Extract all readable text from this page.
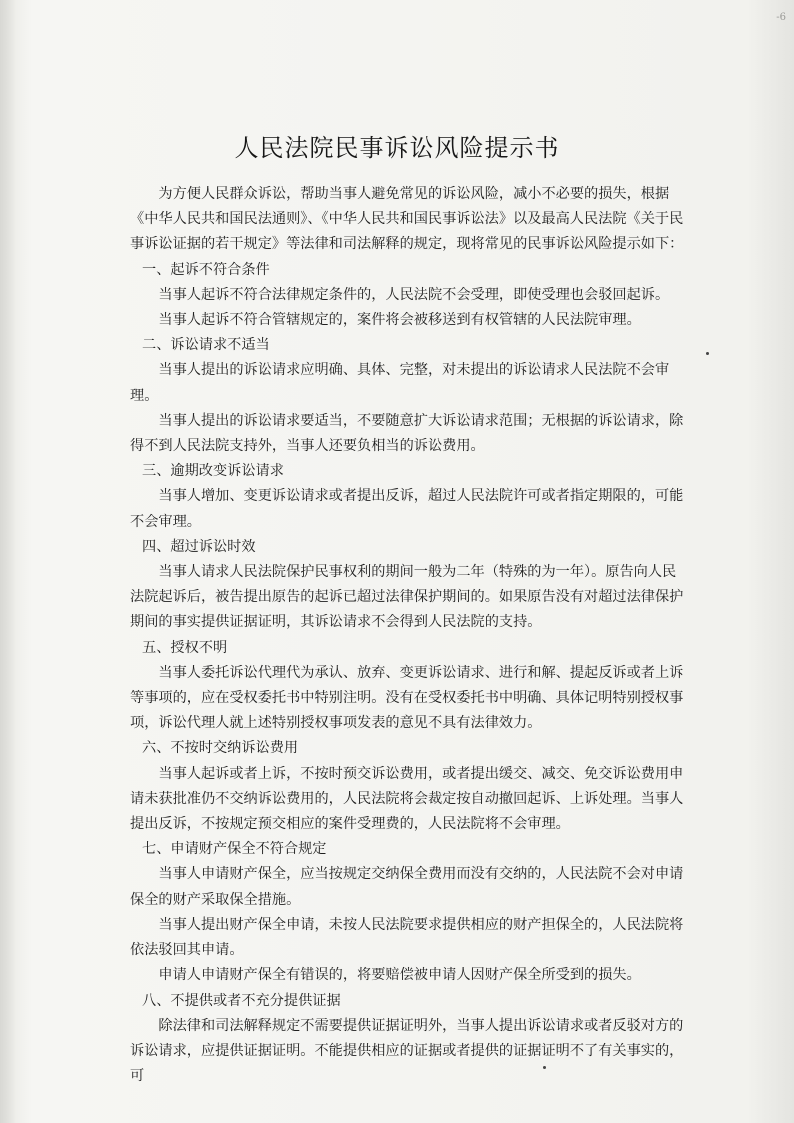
-6
人民法院民事诉讼风险提示书

为方便人民群众诉讼，帮助当事人避免常见的诉讼风险，减小不必要的损失，根据《中华人民共和国民法通则》、《中华人民共和国民事诉讼法》以及最高人民法院《关于民事诉讼证据的若干规定》等法律和司法解释的规定，现将常见的民事诉讼风险提示如下：

一、起诉不符合条件

当事人起诉不符合法律规定条件的，人民法院不会受理，即使受理也会驳回起诉。

当事人起诉不符合管辖规定的，案件将会被移送到有权管辖的人民法院审理。

二、诉讼请求不适当

当事人提出的诉讼请求应明确、具体、完整，对未提出的诉讼请求人民法院不会审理。

当事人提出的诉讼请求要适当，不要随意扩大诉讼请求范围；无根据的诉讼请求，除得不到人民法院支持外，当事人还要负相当的诉讼费用。

三、逾期改变诉讼请求

当事人增加、变更诉讼请求或者提出反诉，超过人民法院许可或者指定期限的，可能不会审理。

四、超过诉讼时效

当事人请求人民法院保护民事权利的期间一般为二年（特殊的为一年）。原告向人民法院起诉后，被告提出原告的起诉已超过法律保护期间的。如果原告没有对超过法律保护期间的事实提供证据证明，其诉讼请求不会得到人民法院的支持。

五、授权不明

当事人委托诉讼代理代为承认、放弃、变更诉讼请求、进行和解、提起反诉或者上诉等事项的，应在受权委托书中特别注明。没有在受权委托书中明确、具体记明特别授权事项，诉讼代理人就上述特别授权事项发表的意见不具有法律效力。

六、不按时交纳诉讼费用

当事人起诉或者上诉，不按时预交诉讼费用，或者提出缓交、减交、免交诉讼费用申请未获批准仍不交纳诉讼费用的，人民法院将会裁定按自动撤回起诉、上诉处理。当事人提出反诉，不按规定预交相应的案件受理费的，人民法院将不会审理。

七、申请财产保全不符合规定

当事人申请财产保全，应当按规定交纳保全费用而没有交纳的，人民法院不会对申请保全的财产采取保全措施。

当事人提出财产保全申请，未按人民法院要求提供相应的财产担保全的，人民法院将依法驳回其申请。

申请人申请财产保全有错误的，将要赔偿被申请人因财产保全所受到的损失。

八、不提供或者不充分提供证据

除法律和司法解释规定不需要提供证据证明外，当事人提出诉讼请求或者反驳对方的诉讼请求，应提供证据证明。不能提供相应的证据或者提供的证据证明不了有关事实的，可
